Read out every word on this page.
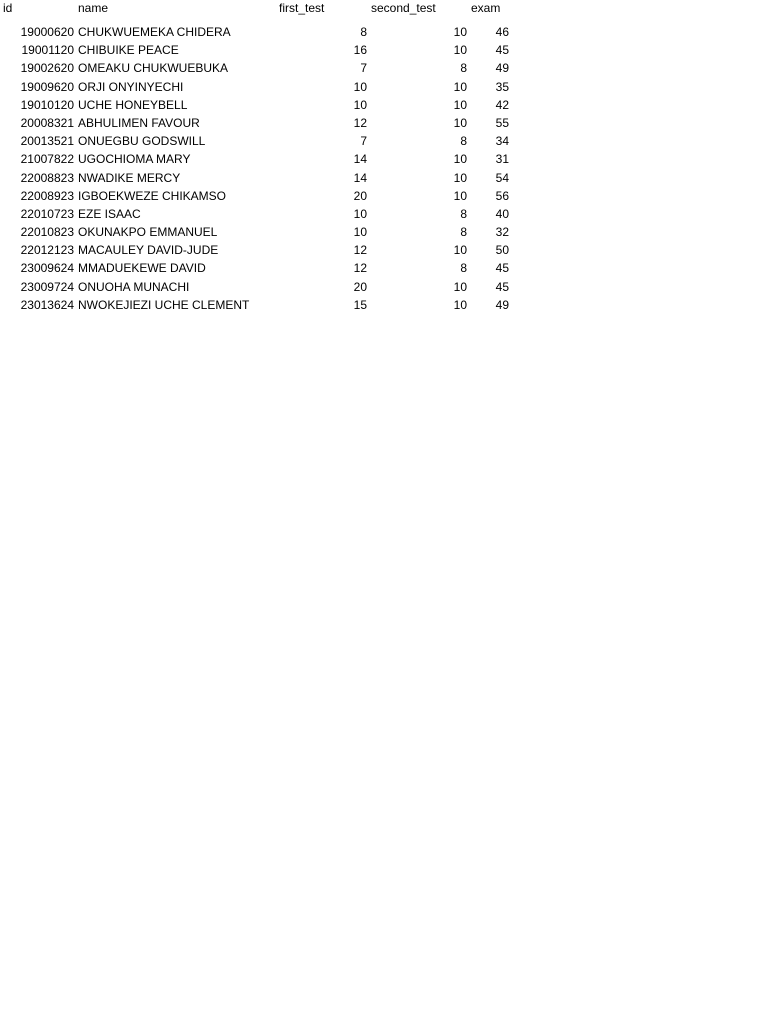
id	name	first_test	second_test	exam
19000620 CHUKWUEMEKA CHIDERA	8	10	46
19001120 CHIBUIKE PEACE	16	10	45
19002620 OMEAKU CHUKWUEBUKA	7	8	49
19009620 ORJI ONYINYECHI	10	10	35
19010120 UCHE HONEYBELL	10	10	42
20008321 ABHULIMEN FAVOUR	12	10	55
20013521 ONUEGBU GODSWILL	7	8	34
21007822 UGOCHIOMA MARY	14	10	31
22008823 NWADIKE MERCY	14	10	54
22008923 IGBOEKWEZE CHIKAMSO	20	10	56
22010723 EZE ISAAC	10	8	40
22010823 OKUNAKPO EMMANUEL	10	8	32
22012123 MACAULEY DAVID-JUDE	12	10	50
23009624 MMADUEKEWE DAVID	12	8	45
23009724 ONUOHA MUNACHI	20	10	45
23013624 NWOKEJIEZI UCHE CLEMENT	15	10	49
